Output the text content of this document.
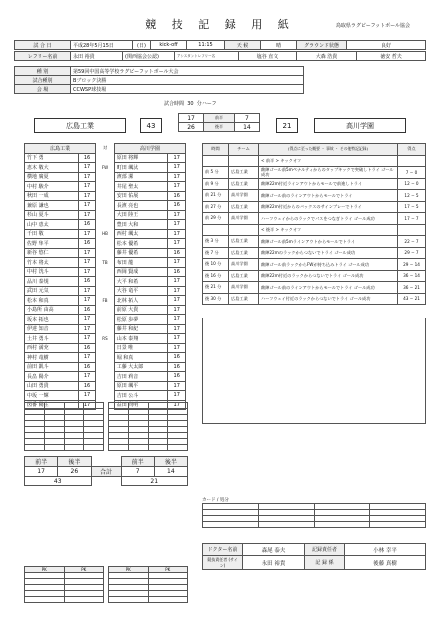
競 技 記 録 用 紙	鳥取県ラグビーフットボール協会
試 合 日	平成28年5月15日	(日)	kick-off	11:15	天 候	晴	グラウンド状態	良好
レフリー名前	永田 裕貴	(関西協会公認)	アシスタントレフリー名	塩谷 直文	大森 浩貴	徳安 哲夫
種 別	第59回中国高等学校ラグビーフットボール大会
試合種別	Bブロック決勝
会 場	CCWSP球技場
試合時間 30 分ハーフ
広島工業	43
17	前半	7
26	後半	14	21	高川学園
広島工業		対	高川学園	
竹下 勇	16		原田 将輝	17
恵木 敬大	17	FW	町田 颯汰	17
横地 廣夏	17		濱部 潔	17
中村 駿介	17		井尾 聖太	17
秋田 一成	17		安田 佑展	16
兼原 謙也	17		長濱 亮也	16
杉山 夏斗	17		大田 陸王	17
山中 恵太	16		豊田 大和	17
千田 敬	17	HB	西村 颯太	17
佐野 隼平	16		松本 優希	17
新谷 悠仁	17		藤井 優希	16
竹本 将太	17	TB	布田 龍	17
中村 洸斗	17		西岡 賢成	16
品川 泰規	16		大平 和希	17
武田 元気	17		大谷 竜平	17
松本 和真	17	FB	北林 拓人	17
小島所 由高	16		前原 大貴	17
坂本 拓也	17		松原 歩夢	17
伊達 知音	17		藤井 和紀	17
土井 勇斗	17	RS	山本 泰翔	17
西村 満充	16		日景 唯	17
神村 竜樹	17		堀 和真	16
前田 凱斗	16		工藤 大太郎	16
長畠 陽介	17		吉田 莉音	16
山田 勇貴	16		原田 颯平	17
中坂 一輝	17		吉田 公斗	17
図番 陽生	17		益田 尚明	17
時間	チーム	(得点に至った概要 ・ 事故 ・ その他特記記録)	得点
		< 前半 > キックオフ	
前 5 分	広島工業	敵陣ゴール前5mペナルティからのタップキックで突破しトライ ゴール成功	7 − 0
前 9 分	広島工業	敵陣22m付近ラインアウトからモールで前進しトライ	12 − 0
前 21 分	高川学園	敵陣ゴール前のラインアウトからモールでトライ	12 − 5
前 27 分	広島工業	敵陣22m付近からのバックスのサインプレーでトライ	17 − 5
前 29 分	高川学園	ハーフウェイからのラックでパスをつなぎトライ ゴール成功	17 − 7
		< 後半 > キックオフ	
後 3 分	広島工業	敵陣ゴール前5mラインアウトからモールでトライ	22 − 7
後 7 分	広島工業	敵陣22mのラックからつないでトライ ゴール成功	29 − 7
後 10 分	高川学園	敵陣ゴール前ラックからFWが持ち込みトライ ゴール成功	29 − 14
後 16 分	広島工業	敵陣22m付近のラックからつないでトライ ゴール成功	36 − 14
後 21 分	高川学園	敵陣ゴール前のラインアウトからモールでトライ ゴール成功	36 − 21
後 30 分	広島工業	ハーフウェイ付近のラックからつないでトライ ゴール成功	43 − 21

前半	後半		前半	後半
17	26	合計	7	14
43			21	
PK	PK

		PK	PK

カード / 処分

ドクター名前	森尾 泰夫	記録責任者	小林 幸平
競技責任者 (サイン)	永田 裕貴	記 録 係	後藤 真樹
